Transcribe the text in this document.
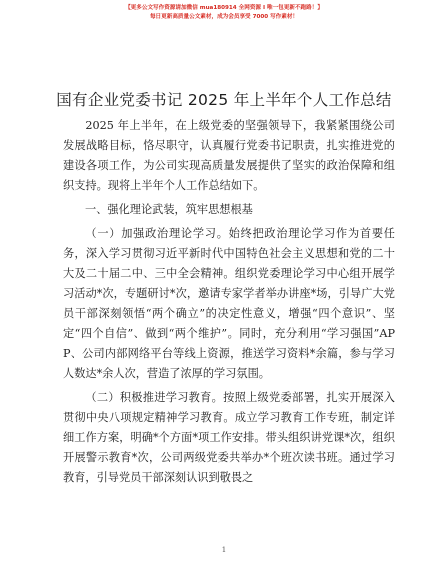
【更多公文写作资源请加微信 mua180914 全网资源 I 唯一包更新不跑路！】
每日更新高质量公文素材，成为会员享受 7000 写作素材！
国有企业党委书记 2025 年上半年个人工作总结

2025 年上半年，在上级党委的坚强领导下，我紧紧围绕公司发展战略目标，恪尽职守，认真履行党委书记职责，扎实推进党的建设各项工作，为公司实现高质量发展提供了坚实的政治保障和组织支持。现将上半年个人工作总结如下。

一、强化理论武装，筑牢思想根基

（一）加强政治理论学习。始终把政治理论学习作为首要任务，深入学习贯彻习近平新时代中国特色社会主义思想和党的二十大及二十届二中、三中全会精神。组织党委理论学习中心组开展学习活动*次，专题研讨*次，邀请专家学者举办讲座*场，引导广大党员干部深刻领悟“两个确立”的决定性意义，增强“四个意识”、坚定“四个自信”、做到“两个维护”。同时，充分利用“学习强国”APP、公司内部网络平台等线上资源，推送学习资料*余篇，参与学习人数达*余人次，营造了浓厚的学习氛围。

（二）积极推进学习教育。按照上级党委部署，扎实开展深入贯彻中央八项规定精神学习教育。成立学习教育工作专班，制定详细工作方案，明确*个方面*项工作安排。带头组织讲党课*次，组织开展警示教育*次，公司两级党委共举办*个班次读书班。通过学习教育，引导党员干部深刻认识到敬畏之

1
